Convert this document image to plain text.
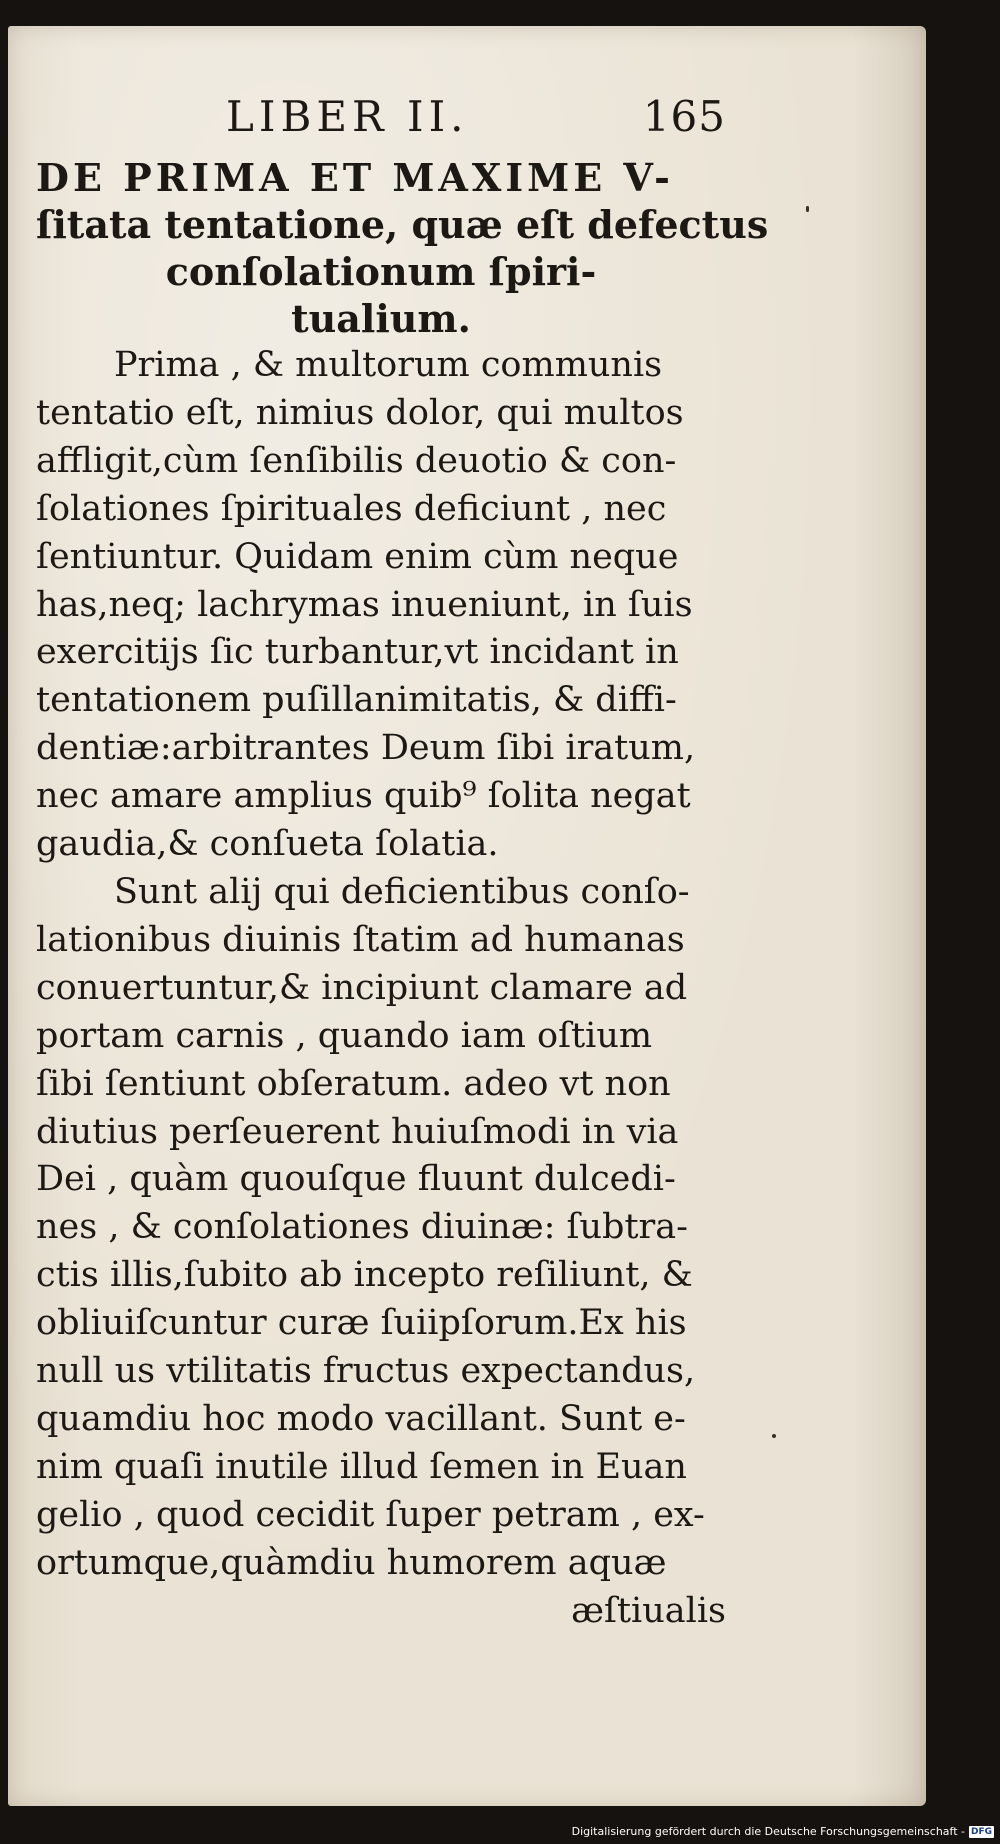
LIBER II.	165
DE PRIMA ET MAXIME V-
ſitata tentatione, quæ eſt defectus
conſolationum ſpiri-
tualium.
Prima , & multorum communis
tentatio eſt, nimius dolor, qui multos
affligit,cùm ſenſibilis deuotio & con-
ſolationes ſpirituales deficiunt , nec
ſentiuntur. Quidam enim cùm neque
has,neq; lachrymas inueniunt, in ſuis
exercitijs ſic turbantur,vt incidant in
tentationem puſillanimitatis, & diffi-
dentiæ:arbitrantes Deum ſibi iratum,
nec amare amplius quib⁹ ſolita negat
gaudia,& conſueta ſolatia.
Sunt alij qui deficientibus conſo-
lationibus diuinis ſtatim ad humanas
conuertuntur,& incipiunt clamare ad
portam carnis , quando iam oſtium
ſibi ſentiunt obſeratum. adeo vt non
diutius perſeuerent huiuſmodi in via
Dei , quàm quouſque fluunt dulcedi-
nes , & conſolationes diuinæ: ſubtra-
ctis illis,ſubito ab incepto reſiliunt, &
obliuiſcuntur curæ ſuiipſorum.Ex his
null us vtilitatis fructus expectandus,
quamdiu hoc modo vacillant. Sunt e-
nim quaſi inutile illud ſemen in Euan
gelio , quod cecidit ſuper petram , ex-
ortumque,quàmdiu humorem aquæ
æſtiualis
Digitalisierung gefördert durch die Deutsche Forschungsgemeinschaft - DFG
